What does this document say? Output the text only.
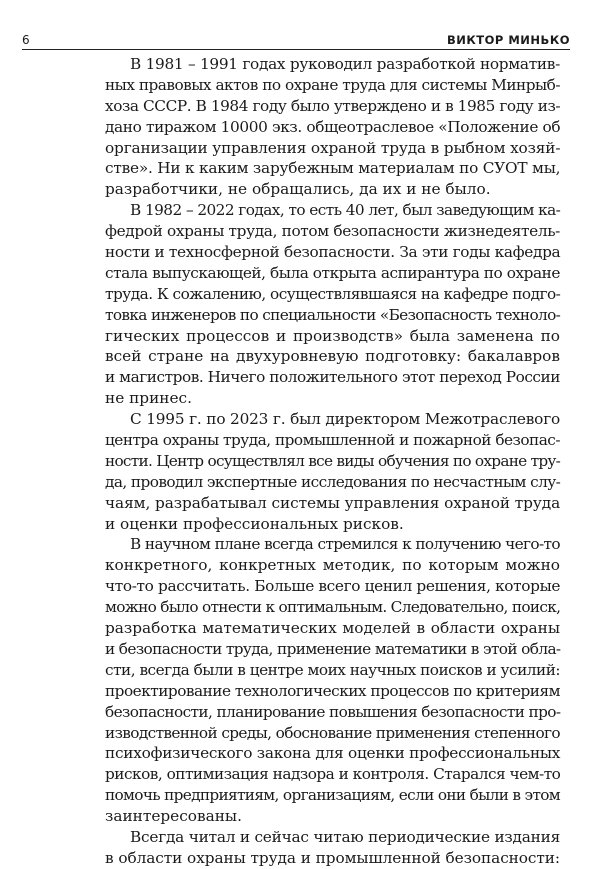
6	ВИКТОР МИНЬКО
В 1981 – 1991 годах руководил разработкой норматив-
ных правовых актов по охране труда для системы Минрыб-
хоза СССР. В 1984 году было утверждено и в 1985 году из-
дано тиражом 10000 экз. общеотраслевое «Положение об
организации управления охраной труда в рыбном хозяй-
стве». Ни к каким зарубежным материалам по СУОТ мы,
разработчики, не обращались, да их и не было.
В 1982 – 2022 годах, то есть 40 лет, был заведующим ка-
федрой охраны труда, потом безопасности жизнедеятель-
ности и техносферной безопасности. За эти годы кафедра
стала выпускающей, была открыта аспирантура по охране
труда. К сожалению, осуществлявшаяся на кафедре подго-
товка инженеров по специальности «Безопасность техноло-
гических процессов и производств» была заменена по
всей стране на двухуровневую подготовку: бакалавров
и магистров. Ничего положительного этот переход России
не принес.
С 1995 г. по 2023 г. был директором Межотраслевого
центра охраны труда, промышленной и пожарной безопас-
ности. Центр осуществлял все виды обучения по охране тру-
да, проводил экспертные исследования по несчастным слу-
чаям, разрабатывал системы управления охраной труда
и оценки профессиональных рисков.
В научном плане всегда стремился к получению чего-то
конкретного, конкретных методик, по которым можно
что-то рассчитать. Больше всего ценил решения, которые
можно было отнести к оптимальным. Следовательно, поиск,
разработка математических моделей в области охраны
и безопасности труда, применение математики в этой обла-
сти, всегда были в центре моих научных поисков и усилий:
проектирование технологических процессов по критериям
безопасности, планирование повышения безопасности про-
изводственной среды, обоснование применения степенного
психофизического закона для оценки профессиональных
рисков, оптимизация надзора и контроля. Старался чем-то
помочь предприятиям, организациям, если они были в этом
заинтересованы.
Всегда читал и сейчас читаю периодические издания
в области охраны труда и промышленной безопасности:
